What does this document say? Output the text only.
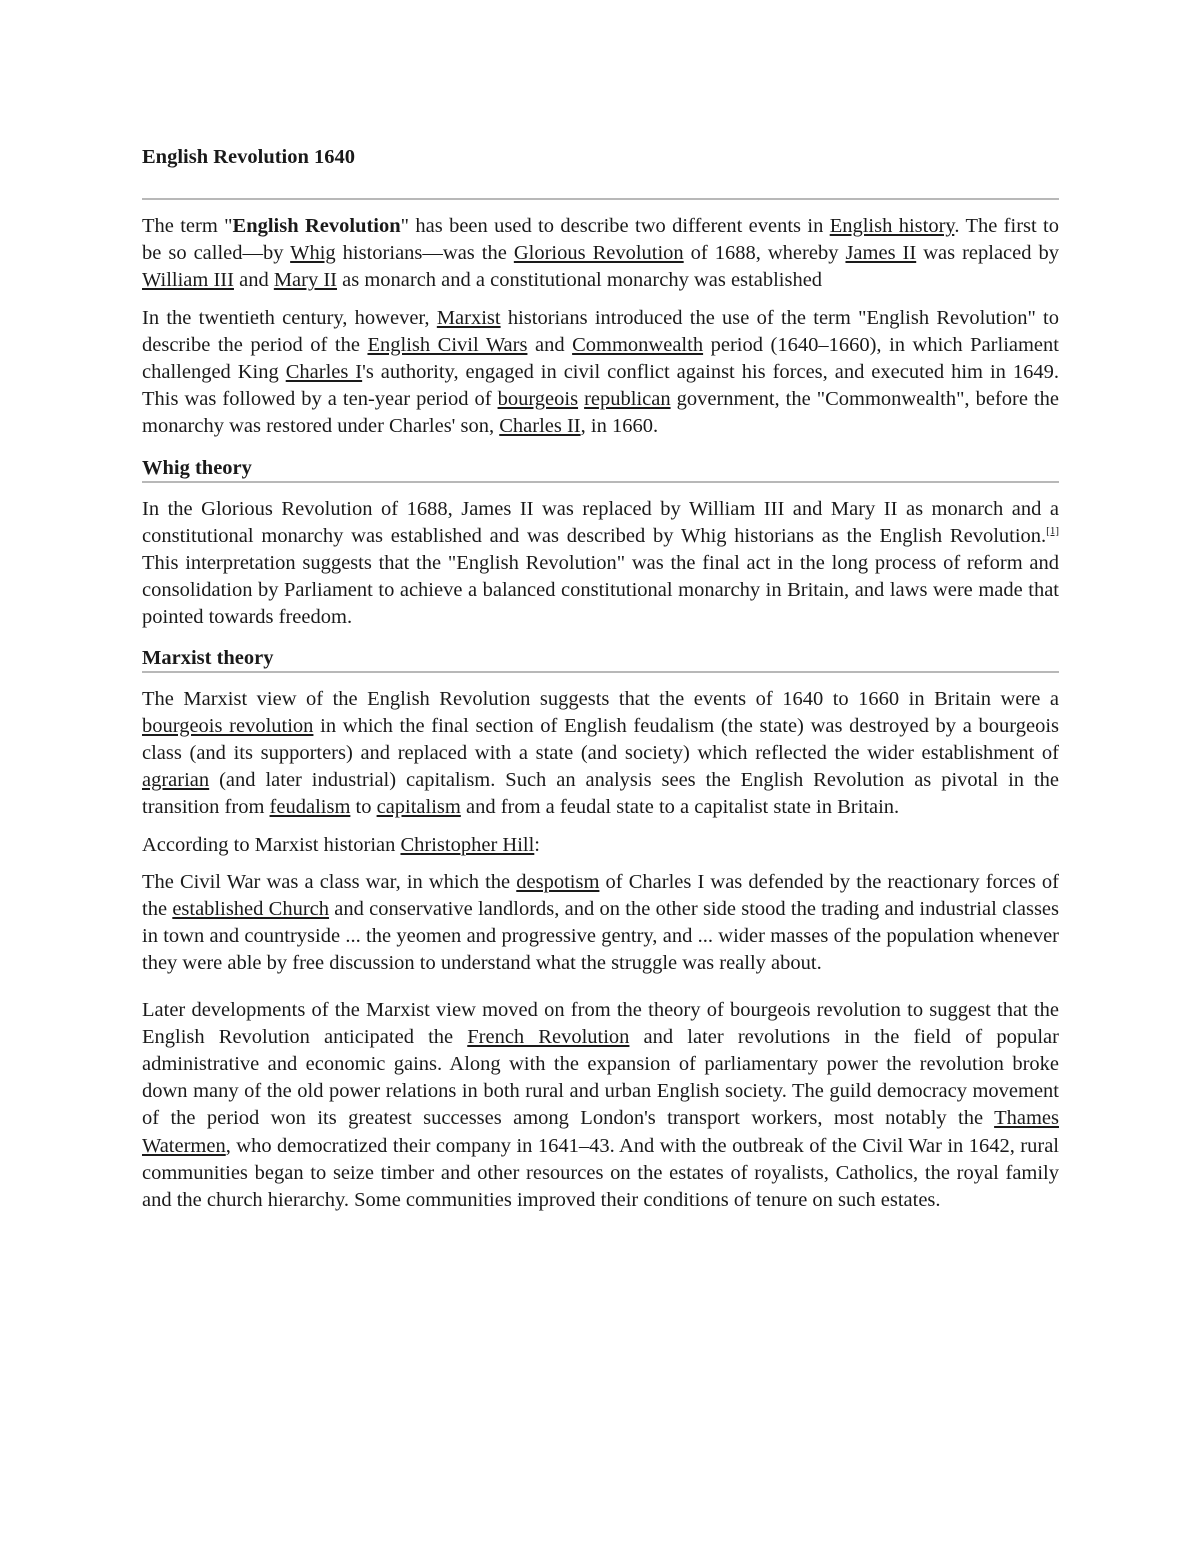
English Revolution 1640

The term "English Revolution" has been used to describe two different events in English history. The first to be so called—by Whig historians—was the Glorious Revolution of 1688, whereby James II was replaced by William III and Mary II as monarch and a constitutional monarchy was established

In the twentieth century, however, Marxist historians introduced the use of the term "English Revolution" to describe the period of the English Civil Wars and Commonwealth period (1640–1660), in which Parliament challenged King Charles I's authority, engaged in civil conflict against his forces, and executed him in 1649. This was followed by a ten-year period of bourgeois republican government, the "Commonwealth", before the monarchy was restored under Charles' son, Charles II, in 1660.

Whig theory

In the Glorious Revolution of 1688, James II was replaced by William III and Mary II as monarch and a constitutional monarchy was established and was described by Whig historians as the English Revolution.[1] This interpretation suggests that the "English Revolution" was the final act in the long process of reform and consolidation by Parliament to achieve a balanced constitutional monarchy in Britain, and laws were made that pointed towards freedom.

Marxist theory

The Marxist view of the English Revolution suggests that the events of 1640 to 1660 in Britain were a bourgeois revolution in which the final section of English feudalism (the state) was destroyed by a bourgeois class (and its supporters) and replaced with a state (and society) which reflected the wider establishment of agrarian (and later industrial) capitalism. Such an analysis sees the English Revolution as pivotal in the transition from feudalism to capitalism and from a feudal state to a capitalist state in Britain.

According to Marxist historian Christopher Hill:

The Civil War was a class war, in which the despotism of Charles I was defended by the reactionary forces of the established Church and conservative landlords, and on the other side stood the trading and industrial classes in town and countryside ... the yeomen and progressive gentry, and ... wider masses of the population whenever they were able by free discussion to understand what the struggle was really about.

Later developments of the Marxist view moved on from the theory of bourgeois revolution to suggest that the English Revolution anticipated the French Revolution and later revolutions in the field of popular administrative and economic gains. Along with the expansion of parliamentary power the revolution broke down many of the old power relations in both rural and urban English society. The guild democracy movement of the period won its greatest successes among London's transport workers, most notably the Thames Watermen, who democratized their company in 1641–43. And with the outbreak of the Civil War in 1642, rural communities began to seize timber and other resources on the estates of royalists, Catholics, the royal family and the church hierarchy. Some communities improved their conditions of tenure on such estates.
